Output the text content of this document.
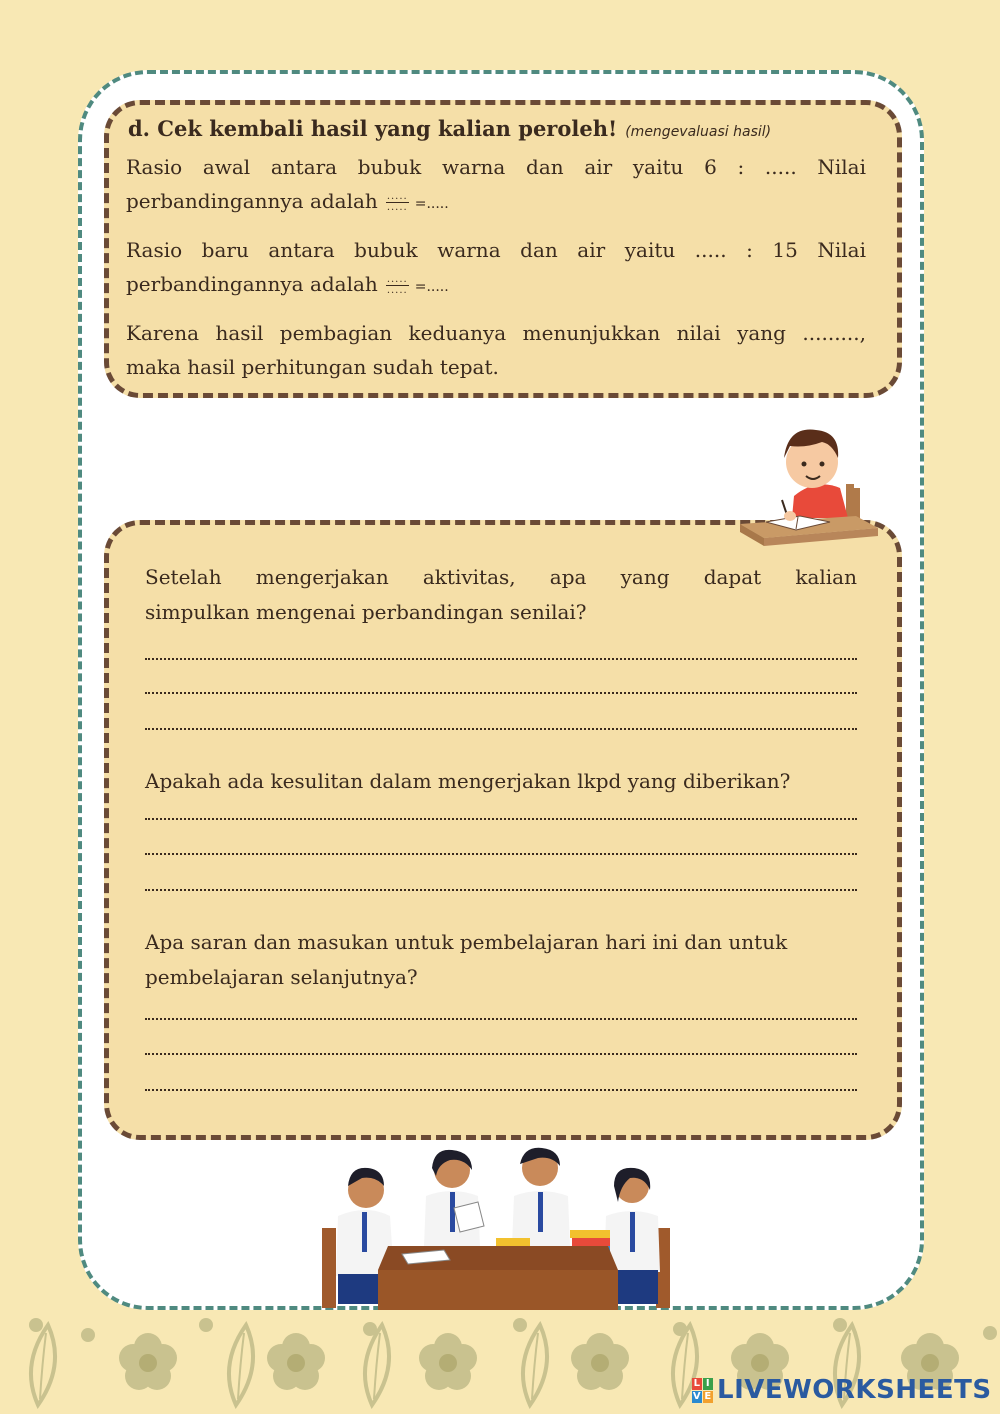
d. Cek kembali hasil yang kalian peroleh! (mengevaluasi hasil)
Rasio awal antara bubuk warna dan air yaitu 6 : ..... Nilai
perbandingannya adalah $\frac{.....}{.....}$ =.....
Rasio baru antara bubuk warna dan air yaitu ..... : 15 Nilai
perbandingannya adalah $\frac{.....}{.....}$ =.....
Karena hasil pembagian keduanya menunjukkan nilai yang .........,
maka hasil perhitungan sudah tepat.
Setelah mengerjakan aktivitas, apa yang dapat kalian
simpulkan mengenai perbandingan senilai?
Apakah ada kesulitan dalam mengerjakan lkpd yang diberikan?
Apa saran dan masukan untuk pembelajaran hari ini dan untuk
pembelajaran selanjutnya?
L I
V E LIVEWORKSHEETS
